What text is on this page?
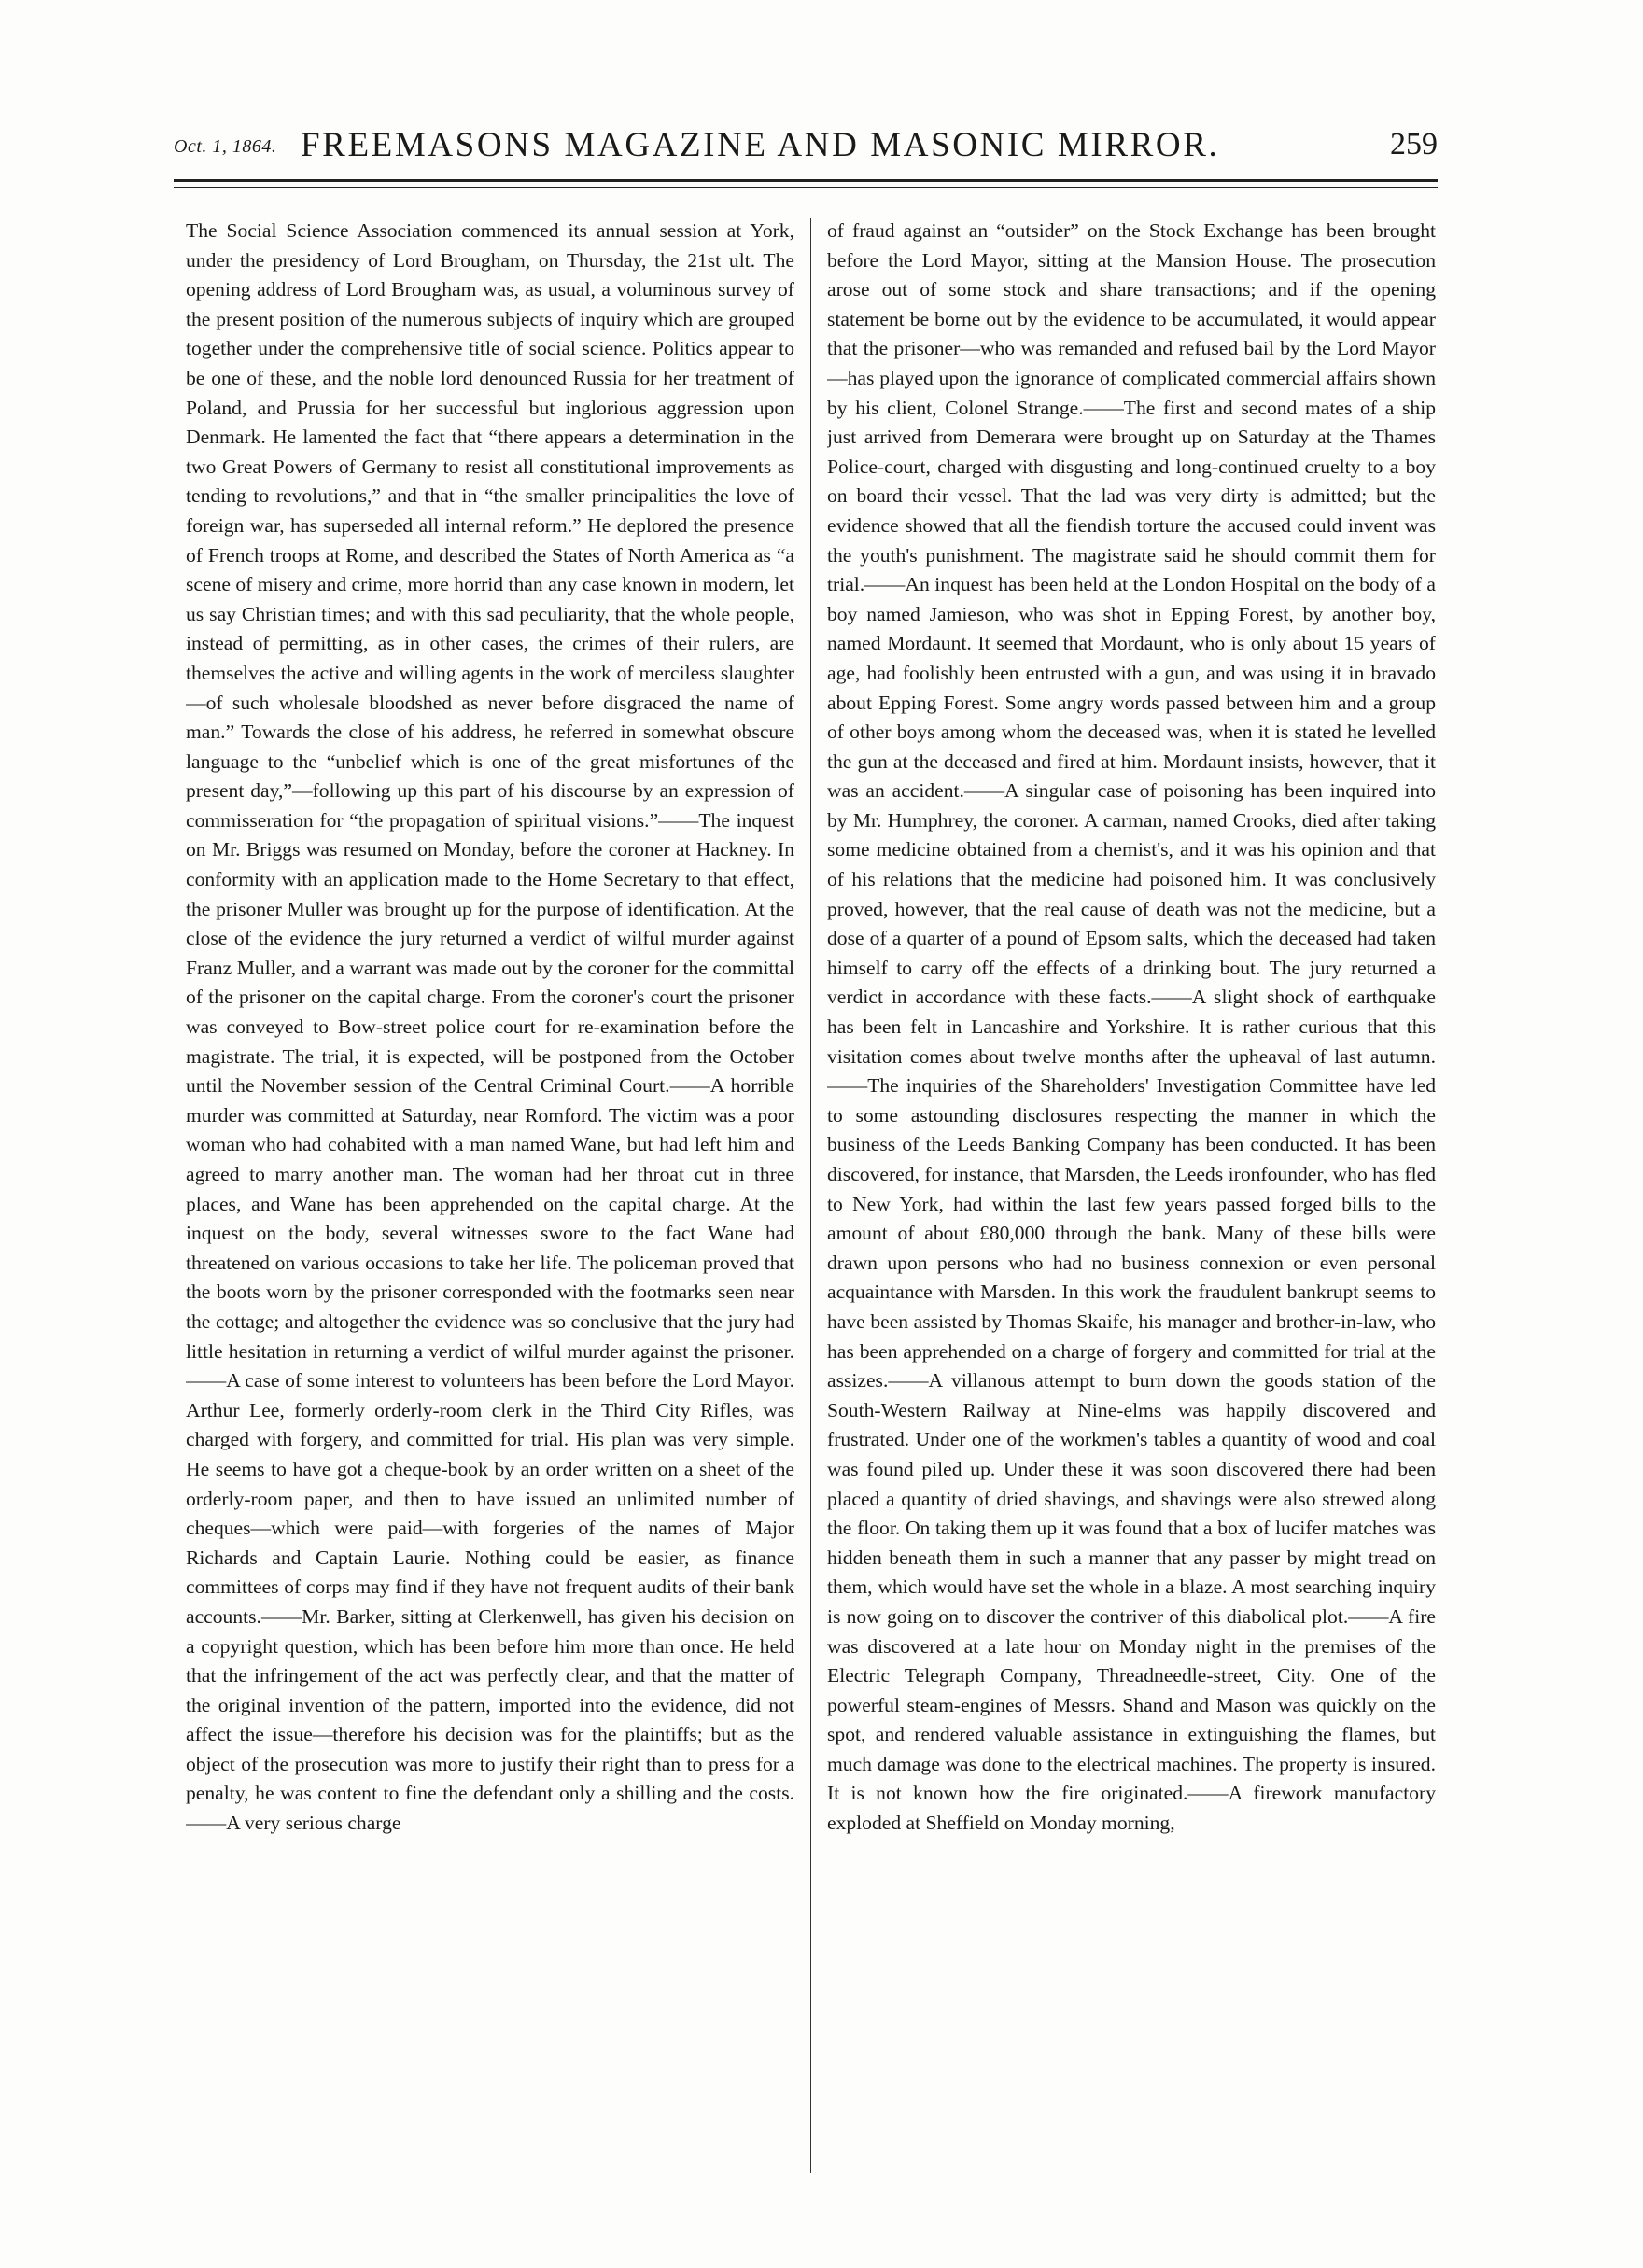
Oct. 1, 1864. FREEMASONS MAGAZINE AND MASONIC MIRROR.	259

The Social Science Association commenced its annual session at York, under the presidency of Lord Brougham, on Thursday, the 21st ult. The opening address of Lord Brougham was, as usual, a voluminous survey of the present position of the numerous subjects of inquiry which are grouped together under the comprehensive title of social science. Politics appear to be one of these, and the noble lord denounced Russia for her treatment of Poland, and Prussia for her successful but inglorious aggression upon Denmark. He lamented the fact that “there appears a determination in the two Great Powers of Germany to resist all constitutional improvements as tending to revolutions,” and that in “the smaller principalities the love of foreign war, has superseded all internal reform.” He deplored the presence of French troops at Rome, and described the States of North America as “a scene of misery and crime, more horrid than any case known in modern, let us say Christian times; and with this sad peculiarity, that the whole people, instead of permitting, as in other cases, the crimes of their rulers, are themselves the active and willing agents in the work of merciless slaughter—of such wholesale bloodshed as never before disgraced the name of man.” Towards the close of his address, he referred in somewhat obscure language to the “unbelief which is one of the great misfortunes of the present day,”—following up this part of his discourse by an expression of commisseration for “the propagation of spiritual visions.”——The inquest on Mr. Briggs was resumed on Monday, before the coroner at Hackney. In conformity with an application made to the Home Secretary to that effect, the prisoner Muller was brought up for the purpose of identification. At the close of the evidence the jury returned a verdict of wilful murder against Franz Muller, and a warrant was made out by the coroner for the committal of the prisoner on the capital charge. From the coroner's court the prisoner was conveyed to Bow-street police court for re-examination before the magistrate. The trial, it is expected, will be postponed from the October until the November session of the Central Criminal Court.——A horrible murder was committed at Saturday, near Romford. The victim was a poor woman who had cohabited with a man named Wane, but had left him and agreed to marry another man. The woman had her throat cut in three places, and Wane has been apprehended on the capital charge. At the inquest on the body, several witnesses swore to the fact Wane had threatened on various occasions to take her life. The policeman proved that the boots worn by the prisoner corresponded with the footmarks seen near the cottage; and altogether the evidence was so conclusive that the jury had little hesitation in returning a verdict of wilful murder against the prisoner.——A case of some interest to volunteers has been before the Lord Mayor. Arthur Lee, formerly orderly-room clerk in the Third City Rifles, was charged with forgery, and committed for trial. His plan was very simple. He seems to have got a cheque-book by an order written on a sheet of the orderly-room paper, and then to have issued an unlimited number of cheques—which were paid—with forgeries of the names of Major Richards and Captain Laurie. Nothing could be easier, as finance committees of corps may find if they have not frequent audits of their bank accounts.——Mr. Barker, sitting at Clerkenwell, has given his decision on a copyright question, which has been before him more than once. He held that the infringement of the act was perfectly clear, and that the matter of the original invention of the pattern, imported into the evidence, did not affect the issue—therefore his decision was for the plaintiffs; but as the object of the prosecution was more to justify their right than to press for a penalty, he was content to fine the defendant only a shilling and the costs.——A very serious charge

of fraud against an “outsider” on the Stock Exchange has been brought before the Lord Mayor, sitting at the Mansion House. The prosecution arose out of some stock and share transactions; and if the opening statement be borne out by the evidence to be accumulated, it would appear that the prisoner—who was remanded and refused bail by the Lord Mayor—has played upon the ignorance of complicated commercial affairs shown by his client, Colonel Strange.——The first and second mates of a ship just arrived from Demerara were brought up on Saturday at the Thames Police-court, charged with disgusting and long-continued cruelty to a boy on board their vessel. That the lad was very dirty is admitted; but the evidence showed that all the fiendish torture the accused could invent was the youth's punishment. The magistrate said he should commit them for trial.——An inquest has been held at the London Hospital on the body of a boy named Jamieson, who was shot in Epping Forest, by another boy, named Mordaunt. It seemed that Mordaunt, who is only about 15 years of age, had foolishly been entrusted with a gun, and was using it in bravado about Epping Forest. Some angry words passed between him and a group of other boys among whom the deceased was, when it is stated he levelled the gun at the deceased and fired at him. Mordaunt insists, however, that it was an accident.——A singular case of poisoning has been inquired into by Mr. Humphrey, the coroner. A carman, named Crooks, died after taking some medicine obtained from a chemist's, and it was his opinion and that of his relations that the medicine had poisoned him. It was conclusively proved, however, that the real cause of death was not the medicine, but a dose of a quarter of a pound of Epsom salts, which the deceased had taken himself to carry off the effects of a drinking bout. The jury returned a verdict in accordance with these facts.——A slight shock of earthquake has been felt in Lancashire and Yorkshire. It is rather curious that this visitation comes about twelve months after the upheaval of last autumn.——The inquiries of the Shareholders' Investigation Committee have led to some astounding disclosures respecting the manner in which the business of the Leeds Banking Company has been conducted. It has been discovered, for instance, that Marsden, the Leeds ironfounder, who has fled to New York, had within the last few years passed forged bills to the amount of about £80,000 through the bank. Many of these bills were drawn upon persons who had no business connexion or even personal acquaintance with Marsden. In this work the fraudulent bankrupt seems to have been assisted by Thomas Skaife, his manager and brother-in-law, who has been apprehended on a charge of forgery and committed for trial at the assizes.——A villanous attempt to burn down the goods station of the South-Western Railway at Nine-elms was happily discovered and frustrated. Under one of the workmen's tables a quantity of wood and coal was found piled up. Under these it was soon discovered there had been placed a quantity of dried shavings, and shavings were also strewed along the floor. On taking them up it was found that a box of lucifer matches was hidden beneath them in such a manner that any passer by might tread on them, which would have set the whole in a blaze. A most searching inquiry is now going on to discover the contriver of this diabolical plot.——A fire was discovered at a late hour on Monday night in the premises of the Electric Telegraph Company, Threadneedle-street, City. One of the powerful steam-engines of Messrs. Shand and Mason was quickly on the spot, and rendered valuable assistance in extinguishing the flames, but much damage was done to the electrical machines. The property is insured. It is not known how the fire originated.——A firework manufactory exploded at Sheffield on Monday morning,
